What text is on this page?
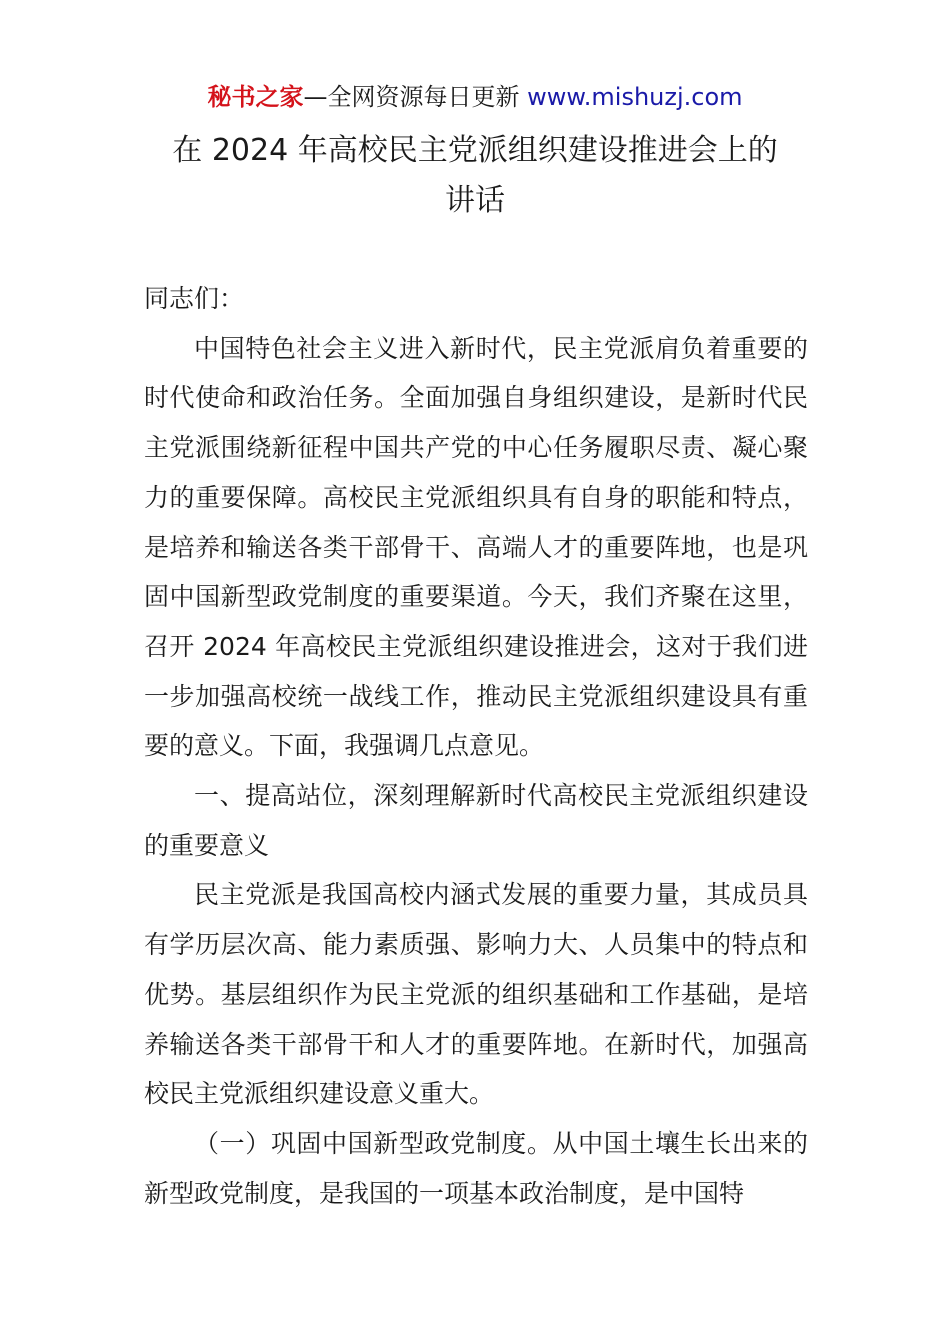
秘书之家—全网资源每日更新 www.mishuzj.com
在 2024 年高校民主党派组织建设推进会上的
讲话

同志们：

中国特色社会主义进入新时代，民主党派肩负着重要的时代使命和政治任务。全面加强自身组织建设，是新时代民主党派围绕新征程中国共产党的中心任务履职尽责、凝心聚力的重要保障。高校民主党派组织具有自身的职能和特点，是培养和输送各类干部骨干、高端人才的重要阵地，也是巩固中国新型政党制度的重要渠道。今天，我们齐聚在这里，召开 2024 年高校民主党派组织建设推进会，这对于我们进一步加强高校统一战线工作，推动民主党派组织建设具有重要的意义。下面，我强调几点意见。

一、提高站位，深刻理解新时代高校民主党派组织建设的重要意义

民主党派是我国高校内涵式发展的重要力量，其成员具有学历层次高、能力素质强、影响力大、人员集中的特点和优势。基层组织作为民主党派的组织基础和工作基础，是培养输送各类干部骨干和人才的重要阵地。在新时代，加强高校民主党派组织建设意义重大。

（一）巩固中国新型政党制度。从中国土壤生长出来的新型政党制度，是我国的一项基本政治制度，是中国特
